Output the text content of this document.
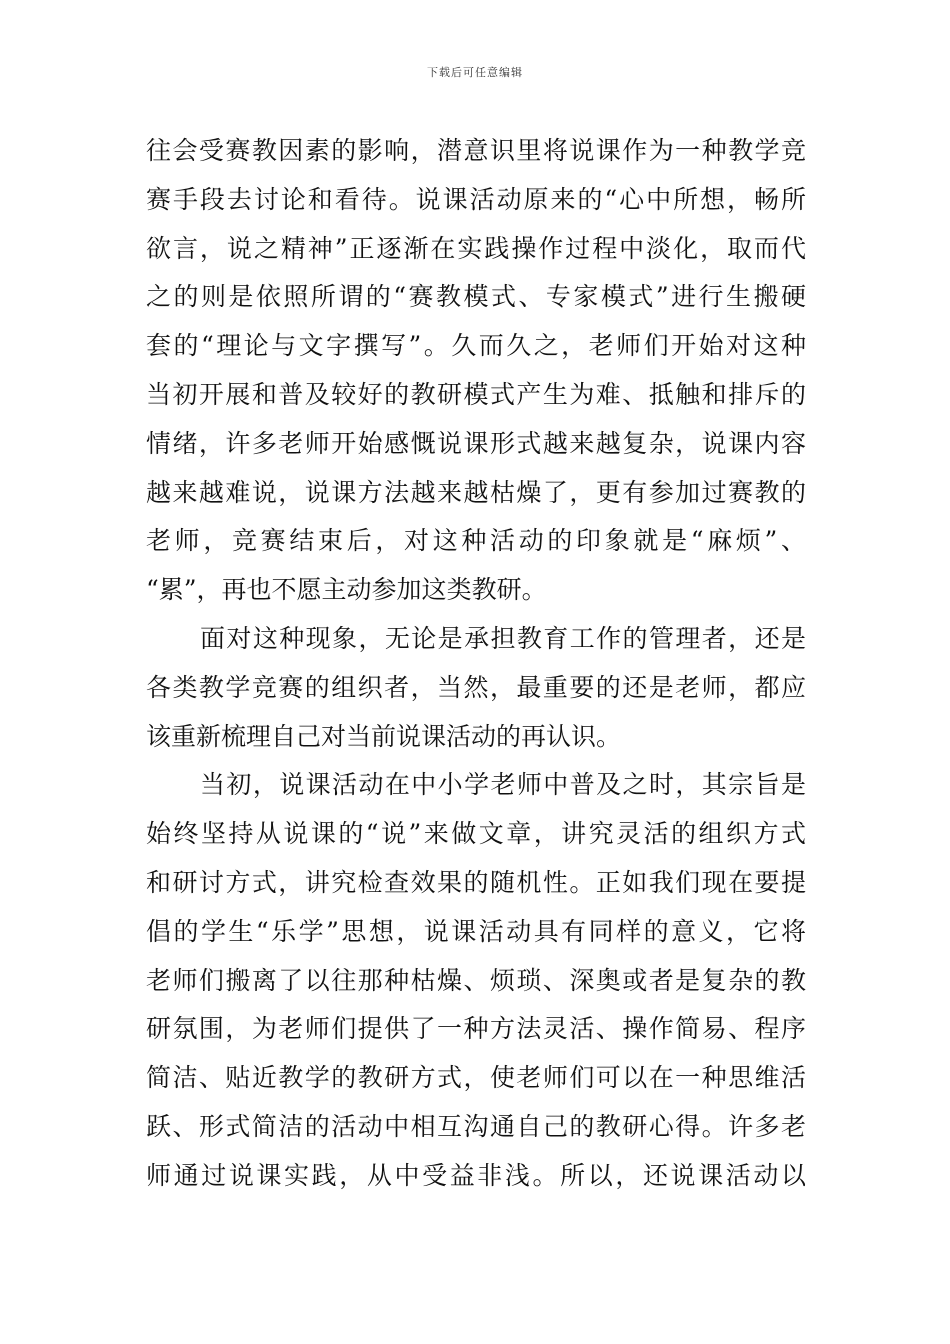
下载后可任意编辑
往会受赛教因素的影响，潜意识里将说课作为一种教学竞
赛手段去讨论和看待。说课活动原来的“心中所想，畅所
欲言，说之精神”正逐渐在实践操作过程中淡化，取而代
之的则是依照所谓的“赛教模式、专家模式”进行生搬硬
套的“理论与文字撰写”。久而久之，老师们开始对这种
当初开展和普及较好的教研模式产生为难、抵触和排斥的
情绪，许多老师开始感慨说课形式越来越复杂，说课内容
越来越难说，说课方法越来越枯燥了，更有参加过赛教的
老师，竞赛结束后，对这种活动的印象就是“麻烦”、
“累”，再也不愿主动参加这类教研。
面对这种现象，无论是承担教育工作的管理者，还是
各类教学竞赛的组织者，当然，最重要的还是老师，都应
该重新梳理自己对当前说课活动的再认识。
当初，说课活动在中小学老师中普及之时，其宗旨是
始终坚持从说课的“说”来做文章，讲究灵活的组织方式
和研讨方式，讲究检查效果的随机性。正如我们现在要提
倡的学生“乐学”思想，说课活动具有同样的意义，它将
老师们搬离了以往那种枯燥、烦琐、深奥或者是复杂的教
研氛围，为老师们提供了一种方法灵活、操作简易、程序
简洁、贴近教学的教研方式，使老师们可以在一种思维活
跃、形式简洁的活动中相互沟通自己的教研心得。许多老
师通过说课实践，从中受益非浅。所以，还说课活动以
